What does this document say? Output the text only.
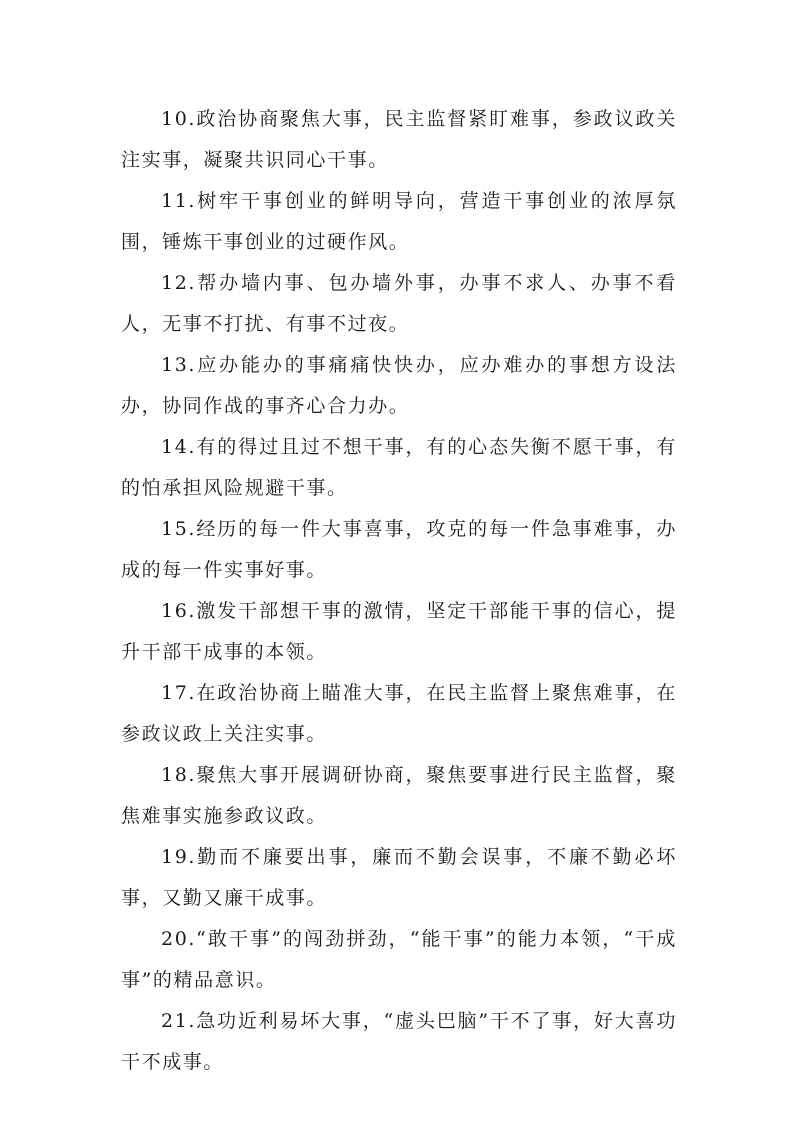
10.政治协商聚焦大事，民主监督紧盯难事，参政议政关注实事，凝聚共识同心干事。

11.树牢干事创业的鲜明导向，营造干事创业的浓厚氛围，锤炼干事创业的过硬作风。

12.帮办墙内事、包办墙外事，办事不求人、办事不看人，无事不打扰、有事不过夜。

13.应办能办的事痛痛快快办，应办难办的事想方设法办，协同作战的事齐心合力办。

14.有的得过且过不想干事，有的心态失衡不愿干事，有的怕承担风险规避干事。

15.经历的每一件大事喜事，攻克的每一件急事难事，办成的每一件实事好事。

16.激发干部想干事的激情，坚定干部能干事的信心，提升干部干成事的本领。

17.在政治协商上瞄准大事，在民主监督上聚焦难事，在参政议政上关注实事。

18.聚焦大事开展调研协商，聚焦要事进行民主监督，聚焦难事实施参政议政。

19.勤而不廉要出事，廉而不勤会误事，不廉不勤必坏事，又勤又廉干成事。

20.“敢干事”的闯劲拼劲，“能干事”的能力本领，“干成事”的精品意识。

21.急功近利易坏大事，“虚头巴脑”干不了事，好大喜功干不成事。
